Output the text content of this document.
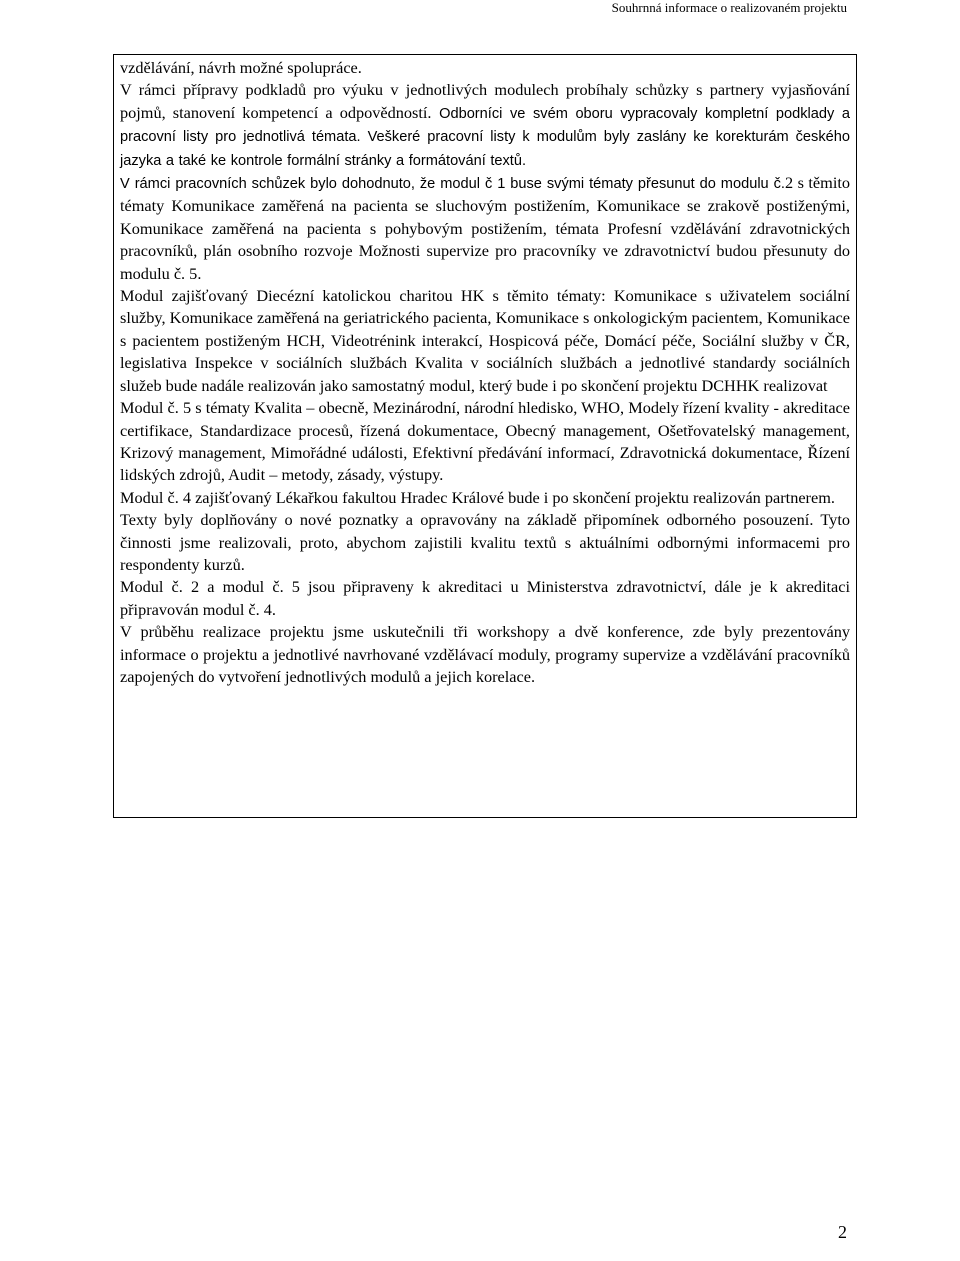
Souhrnná informace o realizovaném projektu

vzdělávání, návrh možné spolupráce.

V rámci přípravy podkladů pro výuku v jednotlivých modulech probíhaly schůzky s partnery vyjasňování pojmů, stanovení kompetencí a odpovědností. Odborníci ve svém oboru vypracovaly kompletní podklady a pracovní listy pro jednotlivá témata. Veškeré pracovní listy k modulům byly zaslány ke korekturám českého jazyka a také ke kontrole formální stránky a formátování textů.

V rámci pracovních schůzek bylo dohodnuto, že modul č 1 buse svými tématy přesunut do modulu č.2 s těmito tématy Komunikace zaměřená na pacienta se sluchovým postižením, Komunikace se zrakově postiženými, Komunikace zaměřená na pacienta s pohybovým postižením, témata Profesní vzdělávání zdravotnických pracovníků, plán osobního rozvoje Možnosti supervize pro pracovníky ve zdravotnictví budou přesunuty do modulu č. 5.

Modul zajišťovaný Diecézní katolickou charitou HK s těmito tématy: Komunikace s uživatelem sociální služby, Komunikace zaměřená na geriatrického pacienta, Komunikace s onkologickým pacientem, Komunikace s pacientem postiženým HCH, Videotrénink interakcí, Hospicová péče, Domácí péče, Sociální služby v ČR, legislativa Inspekce v sociálních službách Kvalita v sociálních službách a jednotlivé standardy sociálních služeb bude nadále realizován jako samostatný modul, který bude i po skončení projektu DCHHK realizovat

Modul č. 5 s tématy Kvalita – obecně, Mezinárodní, národní hledisko, WHO, Modely řízení kvality - akreditace certifikace, Standardizace procesů, řízená dokumentace, Obecný management, Ošetřovatelský management, Krizový management, Mimořádné události, Efektivní předávání informací, Zdravotnická dokumentace, Řízení lidských zdrojů, Audit – metody, zásady, výstupy.

Modul č. 4 zajišťovaný Lékařkou fakultou Hradec Králové bude i po skončení projektu realizován partnerem.

Texty byly doplňovány o nové poznatky a opravovány na základě připomínek odborného posouzení. Tyto činnosti jsme realizovali, proto, abychom zajistili kvalitu textů s aktuálními odbornými informacemi pro respondenty kurzů.

Modul č. 2 a modul č. 5 jsou připraveny k akreditaci u Ministerstva zdravotnictví, dále je k akreditaci připravován modul č. 4.

V průběhu realizace projektu jsme uskutečnili tři workshopy a dvě konference, zde byly prezentovány informace o projektu a jednotlivé navrhované vzdělávací moduly, programy supervize a vzdělávání pracovníků zapojených do vytvoření jednotlivých modulů a jejich korelace.

2
